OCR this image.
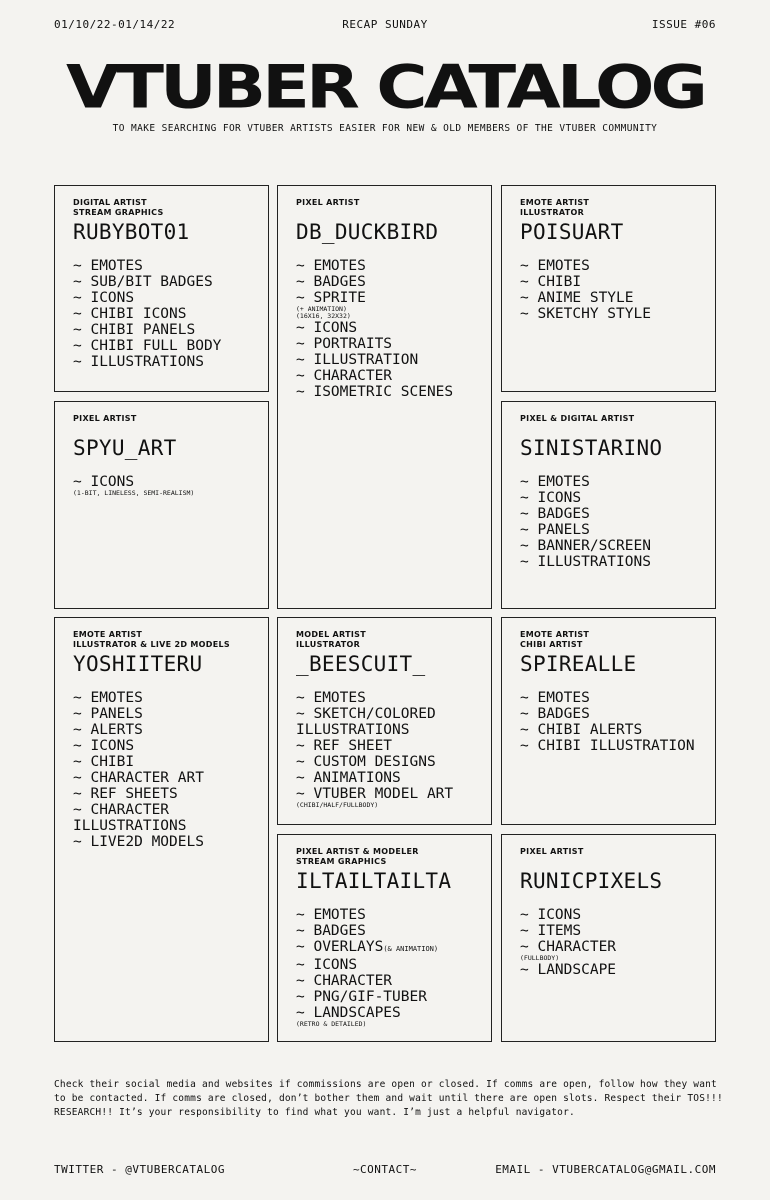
01/10/22-01/14/22	RECAP SUNDAY	ISSUE #06
VTUBER CATALOG
TO MAKE SEARCHING FOR VTUBER ARTISTS EASIER FOR NEW & OLD MEMBERS OF THE VTUBER COMMUNITY
DIGITAL ARTIST
STREAM GRAPHICS
RUBYBOT01
~ EMOTES
~ SUB/BIT BADGES
~ ICONS
~ CHIBI ICONS
~ CHIBI PANELS
~ CHIBI FULL BODY
~ ILLUSTRATIONS
PIXEL ARTIST
DB_DUCKBIRD
~ EMOTES
~ BADGES
~ SPRITE
(+ ANIMATION)
(16X16, 32X32)
~ ICONS
~ PORTRAITS
~ ILLUSTRATION
~ CHARACTER
~ ISOMETRIC SCENES
EMOTE ARTIST
ILLUSTRATOR
POISUART
~ EMOTES
~ CHIBI
~ ANIME STYLE
~ SKETCHY STYLE
PIXEL ARTIST
SPYU_ART
~ ICONS
(1-BIT, LINELESS, SEMI-REALISM)
PIXEL & DIGITAL ARTIST
SINISTARINO
~ EMOTES
~ ICONS
~ BADGES
~ PANELS
~ BANNER/SCREEN
~ ILLUSTRATIONS
EMOTE ARTIST
ILLUSTRATOR & LIVE 2D MODELS
YOSHIITERU
~ EMOTES
~ PANELS
~ ALERTS
~ ICONS
~ CHIBI
~ CHARACTER ART
~ REF SHEETS
~ CHARACTER
ILLUSTRATIONS
~ LIVE2D MODELS
MODEL ARTIST
ILLUSTRATOR
_BEESCUIT_
~ EMOTES
~ SKETCH/COLORED
ILLUSTRATIONS
~ REF SHEET
~ CUSTOM DESIGNS
~ ANIMATIONS
~ VTUBER MODEL ART
(CHIBI/HALF/FULLBODY)
EMOTE ARTIST
CHIBI ARTIST
SPIREALLE
~ EMOTES
~ BADGES
~ CHIBI ALERTS
~ CHIBI ILLUSTRATION
PIXEL ARTIST & MODELER
STREAM GRAPHICS
ILTAILTAILTA
~ EMOTES
~ BADGES
~ OVERLAYS(& ANIMATION)
~ ICONS
~ CHARACTER
~ PNG/GIF-TUBER
~ LANDSCAPES
(RETRO & DETAILED)
PIXEL ARTIST
RUNICPIXELS
~ ICONS
~ ITEMS
~ CHARACTER
(FULLBODY)
~ LANDSCAPE
Check their social media and websites if commissions are open or closed. If comms are open, follow how they want to be contacted. If comms are closed, don’t bother them and wait until there are open slots. Respect their TOS!!! RESEARCH!! It’s your responsibility to find what you want. I’m just a helpful navigator.
TWITTER - @VTUBERCATALOG	~CONTACT~	EMAIL - VTUBERCATALOG@GMAIL.COM
